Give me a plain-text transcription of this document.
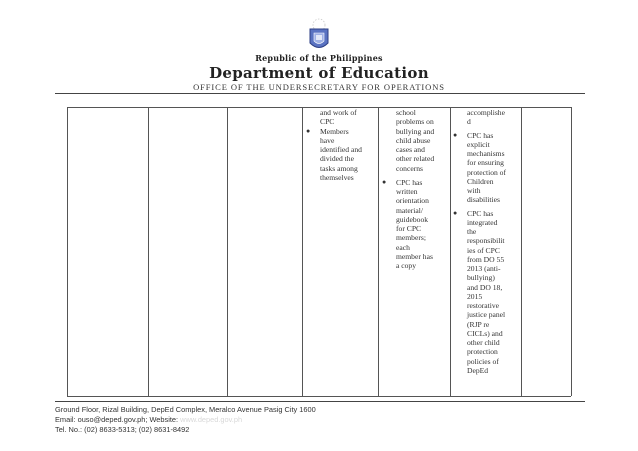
Republic of the Philippines
Department of Education
OFFICE OF THE UNDERSECRETARY FOR OPERATIONS
and work of
CPC
● Members
have
identified and
divided the
tasks among
themselves
school
problems on
bullying and
child abuse
cases and
other related
concerns
● CPC has
written
orientation
material/
guidebook
for CPC
members;
each
member has
a copy
accomplishe
d
● CPC has
explicit
mechanisms
for ensuring
protection of
Children
with
disabilities
● CPC has
integrated
the
responsibilit
ies of CPC
from DO 55
2013 (anti-
bullying)
and DO 18,
2015
restorative
justice panel
(RJP re
CICLs) and
other child
protection
policies of
DepEd
Ground Floor, Rizal Building, DepEd Complex, Meralco Avenue Pasig City 1600
Email: ouso@deped.gov.ph; Website: www.deped.gov.ph
Tel. No.: (02) 8633-5313; (02) 8631-8492
